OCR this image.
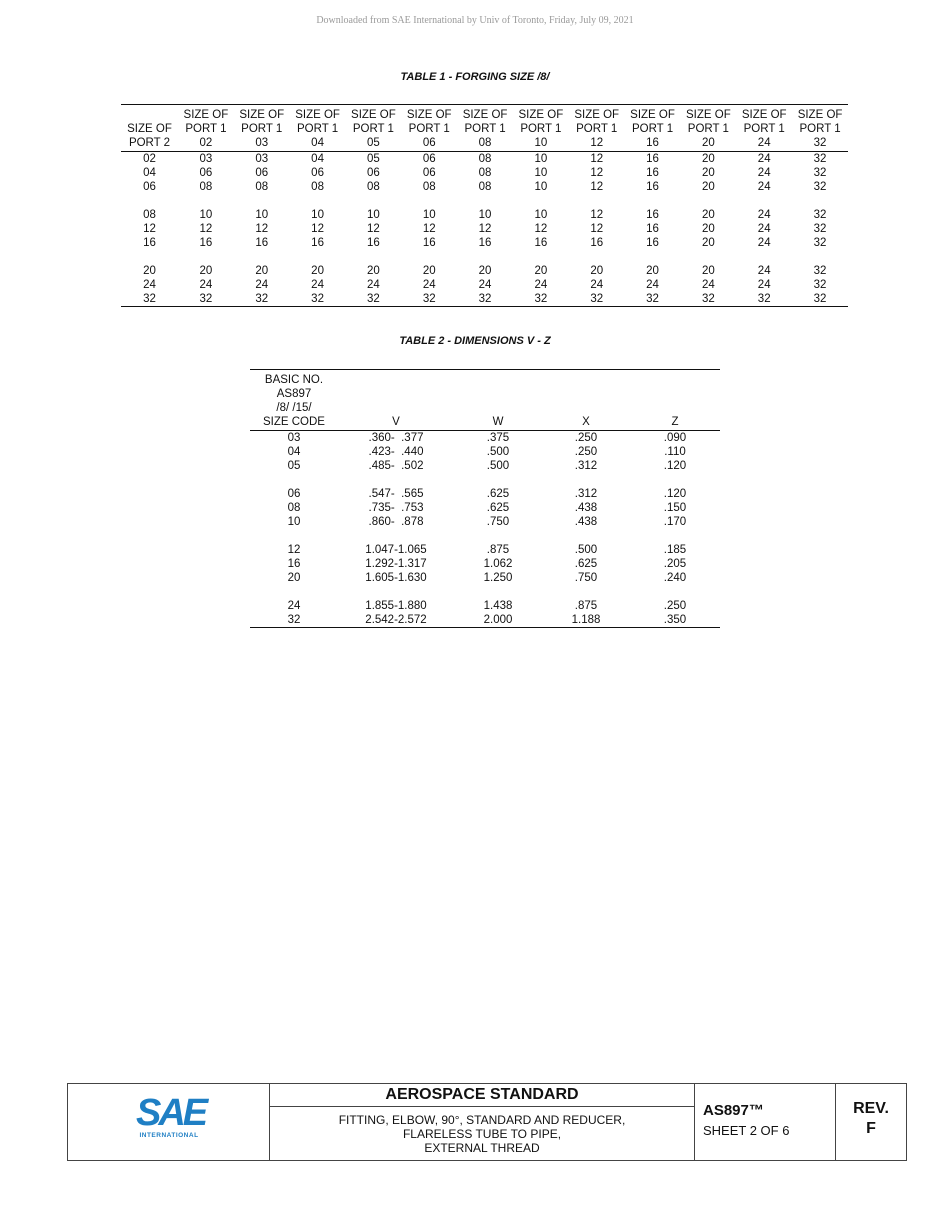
Downloaded from SAE International by Univ of Toronto, Friday, July 09, 2021
TABLE 1 - FORGING SIZE /8/
	SIZE OF	SIZE OF	SIZE OF	SIZE OF	SIZE OF	SIZE OF	SIZE OF	SIZE OF	SIZE OF	SIZE OF	SIZE OF	SIZE OF
SIZE OF	PORT 1	PORT 1	PORT 1	PORT 1	PORT 1	PORT 1	PORT 1	PORT 1	PORT 1	PORT 1	PORT 1	PORT 1
PORT 2	02	03	04	05	06	08	10	12	16	20	24	32
02	03	03	04	05	06	08	10	12	16	20	24	32
04	06	06	06	06	06	08	10	12	16	20	24	32
06	08	08	08	08	08	08	10	12	16	20	24	32

08	10	10	10	10	10	10	10	12	16	20	24	32
12	12	12	12	12	12	12	12	12	16	20	24	32
16	16	16	16	16	16	16	16	16	16	20	24	32

20	20	20	20	20	20	20	20	20	20	20	24	32
24	24	24	24	24	24	24	24	24	24	24	24	32
32	32	32	32	32	32	32	32	32	32	32	32	32
TABLE 2 - DIMENSIONS V - Z
BASIC NO.
AS897
/8/ /15/
SIZE CODE	V	W	X	Z
03	.360-  .377	.375	.250	.090
04	.423-  .440	.500	.250	.110
05	.485-  .502	.500	.312	.120

06	.547-  .565	.625	.312	.120
08	.735-  .753	.625	.438	.150
10	.860-  .878	.750	.438	.170

12	1.047-1.065	.875	.500	.185
16	1.292-1.317	1.062	.625	.205
20	1.605-1.630	1.250	.750	.240

24	1.855-1.880	1.438	.875	.250
32	2.542-2.572	2.000	1.188	.350
SAE
INTERNATIONAL
AEROSPACE STANDARD
FITTING, ELBOW, 90°, STANDARD AND REDUCER,
FLARELESS TUBE TO PIPE,
EXTERNAL THREAD
AS897™
SHEET 2 OF 6
REV.
F
